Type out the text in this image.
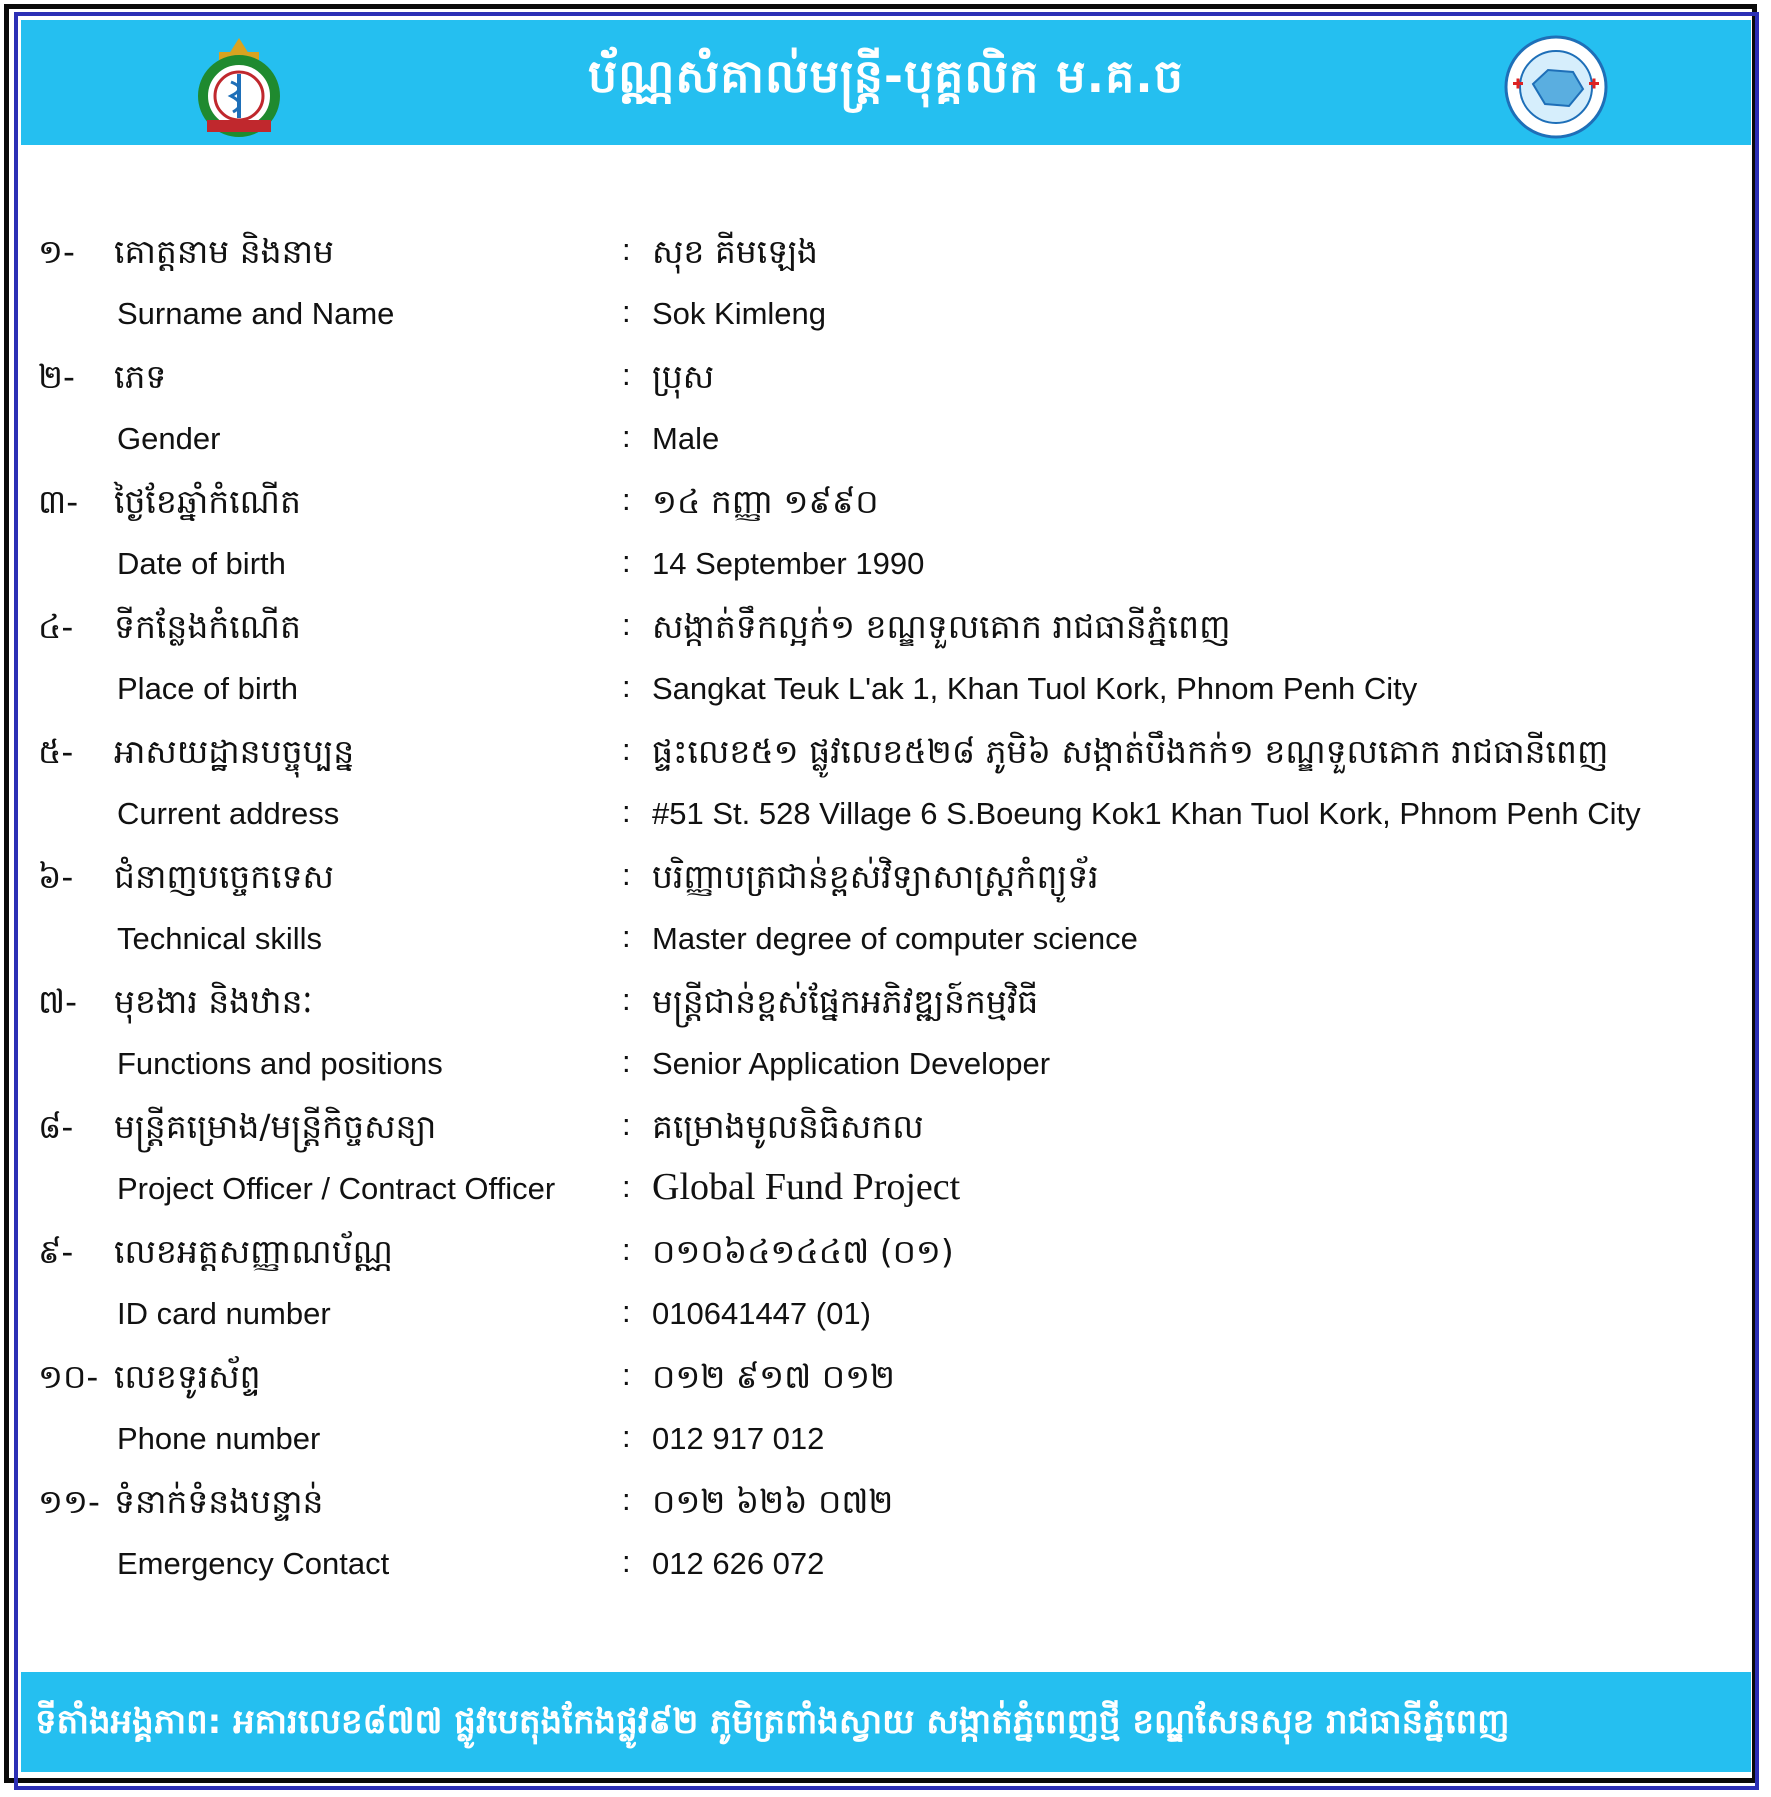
ប័ណ្ណសំគាល់មន្ត្រី-បុគ្គលិក ម.គ.ច
១- គោត្តនាម និងនាម	: សុខ គីមឡេង
Surname and Name	: Sok Kimleng
២- ភេទ	: ប្រុស
Gender	: Male
៣- ថ្ងៃខែឆ្នាំកំណើត	: ១៤ កញ្ញា ១៩៩០
Date of birth	: 14 September 1990
៤- ទីកន្លែងកំណើត	: សង្កាត់ទឹកល្អក់១ ខណ្ឌទួលគោក រាជធានីភ្នំពេញ
Place of birth	: Sangkat Teuk L'ak 1, Khan Tuol Kork, Phnom Penh City
៥- អាសយដ្ឋានបច្ចុប្បន្ន	: ផ្ទះលេខ៥១ ផ្លូវលេខ៥២៨ ភូមិ៦ សង្កាត់បឹងកក់១ ខណ្ឌទួលគោក រាជធានីពេញ
Current address	: #51 St. 528 Village 6 S.Boeung Kok1 Khan Tuol Kork, Phnom Penh City
៦- ជំនាញបច្ចេកទេស	: បរិញ្ញាបត្រជាន់ខ្ពស់វិទ្យាសាស្ត្រកំព្យូទ័រ
Technical skills	: Master degree of computer science
៧- មុខងារ និងឋានៈ	: មន្ត្រីជាន់ខ្ពស់ផ្នែកអភិវឌ្ឍន៍កម្មវិធី
Functions and positions	: Senior Application Developer
៨- មន្ត្រីគម្រោង/មន្ត្រីកិច្ចសន្យា	: គម្រោងមូលនិធិសកល
Project Officer / Contract Officer : Global Fund Project
៩- លេខអត្តសញ្ញាណប័ណ្ណ	: ០១០៦៤១៤៤៧ (០១)
ID card number	: 010641447 (01)
១០- លេខទូរស័ព្ទ	: ០១២ ៩១៧ ០១២
Phone number	: 012 917 012
១១- ទំនាក់ទំនងបន្ទាន់	: ០១២ ៦២៦ ០៧២
Emergency Contact	: 012 626 072
ទីតាំងអង្គភាព: អគារលេខ៨៧៧ ផ្លូវបេតុងកែងផ្លូវ៩២ ភូមិត្រពាំងស្វាយ សង្កាត់ភ្នំពេញថ្មី ខណ្ឌសែនសុខ រាជធានីភ្នំពេញ
